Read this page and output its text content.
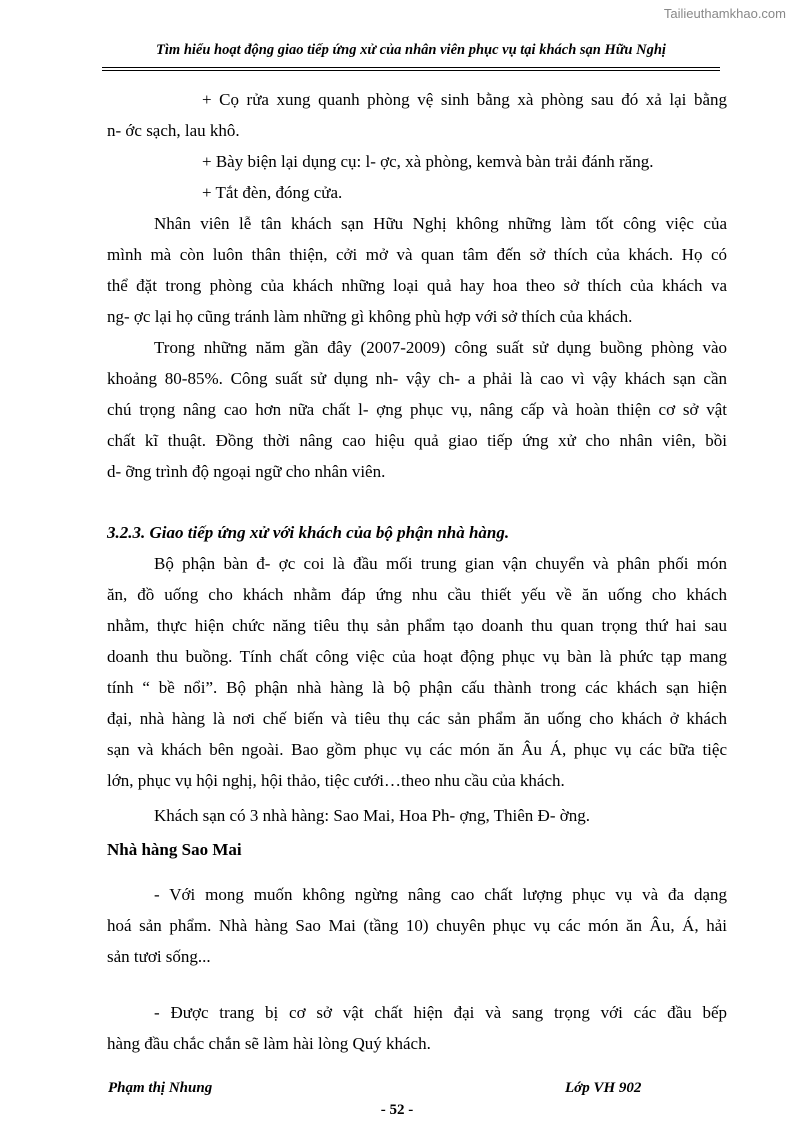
Tailieuthamkhao.com
Tìm hiểu hoạt động giao tiếp ứng xử của nhân viên phục vụ tại khách sạn Hữu Nghị
+ Cọ rửa xung quanh phòng vệ sinh bằng xà phòng sau đó xả lại bằng
n- ớc sạch, lau khô.
+ Bày biện lại dụng cụ: l- ợc, xà phòng, kemvà bàn trải đánh răng.
+ Tắt đèn, đóng cửa.
Nhân viên lễ tân khách sạn Hữu Nghị không những làm tốt công việc của
mình mà còn luôn thân thiện, cởi mở và quan tâm đến sở thích của khách. Họ có
thể đặt trong phòng của khách những loại quả hay hoa theo sở thích của khách va
ng- ợc lại họ cũng tránh làm những gì không phù hợp với sở thích của khách.
Trong những năm gần đây (2007-2009) công suất sử dụng buồng phòng vào
khoảng 80-85%. Công suất sử dụng nh- vậy ch- a phải là cao vì vậy khách sạn cần
chú trọng nâng cao hơn nữa chất l- ợng phục vụ, nâng cấp và hoàn thiện cơ sở vật
chất kĩ thuật. Đồng thời nâng cao hiệu quả giao tiếp ứng xử cho nhân viên, bồi
d- ỡng trình độ ngoại ngữ cho nhân viên.
3.2.3. Giao tiếp ứng xử với khách của bộ phận nhà hàng.
Bộ phận bàn đ- ợc coi là đầu mối trung gian vận chuyển và phân phối món
ăn, đồ uống cho khách nhằm đáp ứng nhu cầu thiết yếu về ăn uống cho khách
nhằm, thực hiện chức năng tiêu thụ sản phẩm tạo doanh thu quan trọng thứ hai sau
doanh thu buồng. Tính chất công việc của hoạt động phục vụ bàn là phức tạp mang
tính “ bề nổi”. Bộ phận nhà hàng là bộ phận cấu thành trong các khách sạn hiện
đại, nhà hàng là nơi chế biến và tiêu thụ các sản phẩm ăn uống cho khách ở khách
sạn và khách bên ngoài. Bao gồm phục vụ các món ăn Âu Á, phục vụ các bữa tiệc
lớn, phục vụ hội nghị, hội thảo, tiệc cưới…theo nhu cầu của khách.
Khách sạn có 3 nhà hàng: Sao Mai, Hoa Ph- ợng, Thiên Đ- ờng.
Nhà hàng Sao Mai
- Với mong muốn không ngừng nâng cao chất lượng phục vụ và đa dạng
hoá sản phẩm. Nhà hàng Sao Mai (tầng 10) chuyên phục vụ các món ăn Âu, Á, hải
sản tươi sống...
- Được trang bị cơ sở vật chất hiện đại và sang trọng với các đầu bếp
hàng đầu chắc chắn sẽ làm hài lòng Quý khách.
Phạm thị Nhung	Lớp VH 902
- 52 -
